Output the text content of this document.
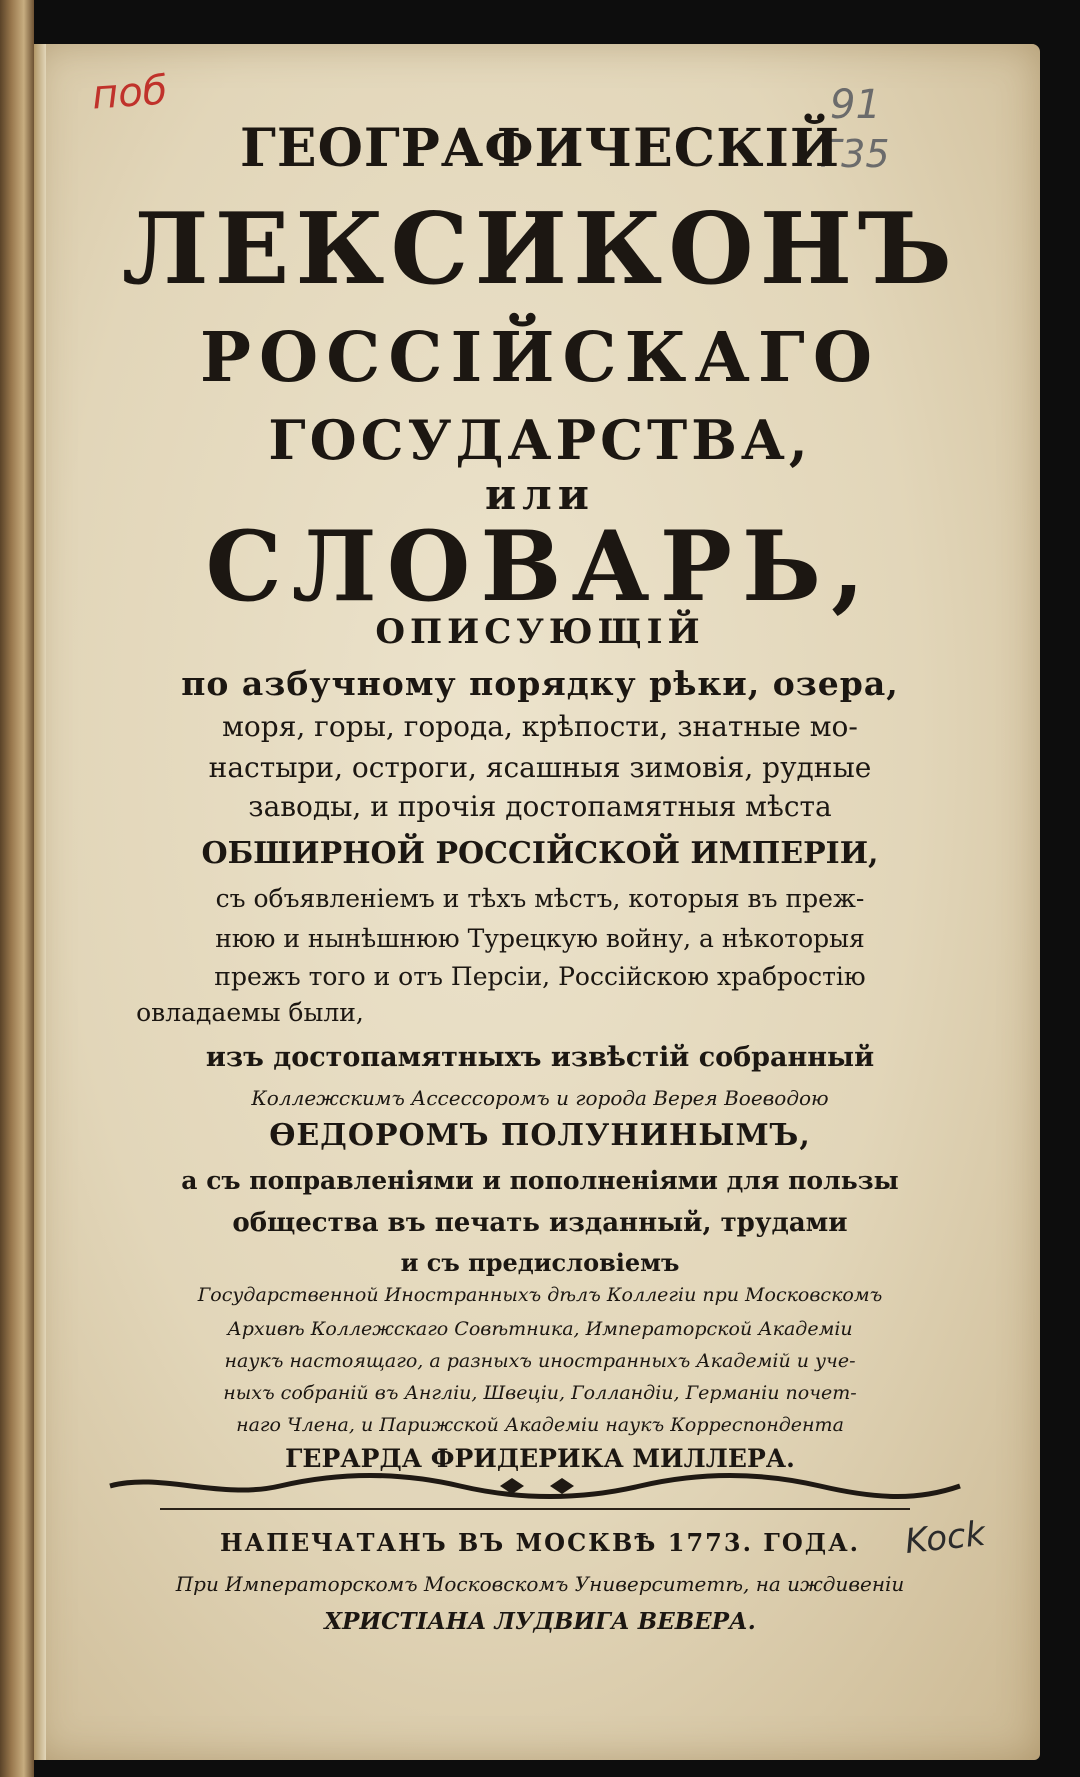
поб	91
Г35
ГЕОГРАФИЧЕСКІЙ
ЛЕКСИКОНЪ
РОССІЙСКАГО
ГОСУДАРСТВА,
или
СЛОВАРЬ,
ОПИСУЮЩІЙ
по азбучному порядку рѣки, озера,
моря, горы, города, крѣпости, знатные мо-
настыри, остроги, ясашныя зимовія, рудные
заводы, и прочія достопамятныя мѣста
ОБШИРНОЙ РОССІЙСКОЙ ИМПЕРІИ,
съ объявленіемъ и тѣхъ мѣстъ, которыя въ преж-
нюю и нынѣшнюю Турецкую войну, а нѣкоторыя
прежъ того и отъ Персіи, Россійскою храбростію
овладаемы были,
изъ достопамятныхъ извѣстій собранный
Коллежскимъ Ассессоромъ и города Верея Воеводою
ѲЕДОРОМЪ ПОЛУНИНЫМЪ,
а съ поправленіями и пополненіями для пользы
общества въ печать изданный, трудами
и съ предисловіемъ
Государственной Иностранныхъ дѣлъ Коллегіи при Московскомъ
Архивѣ Коллежскаго Совѣтника, Императорской Академіи
наукъ настоящаго, а разныхъ иностранныхъ Академій и уче-
ныхъ собраній въ Англіи, Швеціи, Голландіи, Германіи почет-
наго Члена, и Парижской Академіи наукъ Корреспондента
ГЕРАРДА ФРИДЕРИКА МИЛЛЕРА.
НАПЕЧАТАНЪ ВЪ МОСКВѢ 1773. ГОДА.
При Императорскомъ Московскомъ Университетѣ, на иждивеніи
ХРИСТІАНА ЛУДВИГА ВЕВЕРА.
Kock
